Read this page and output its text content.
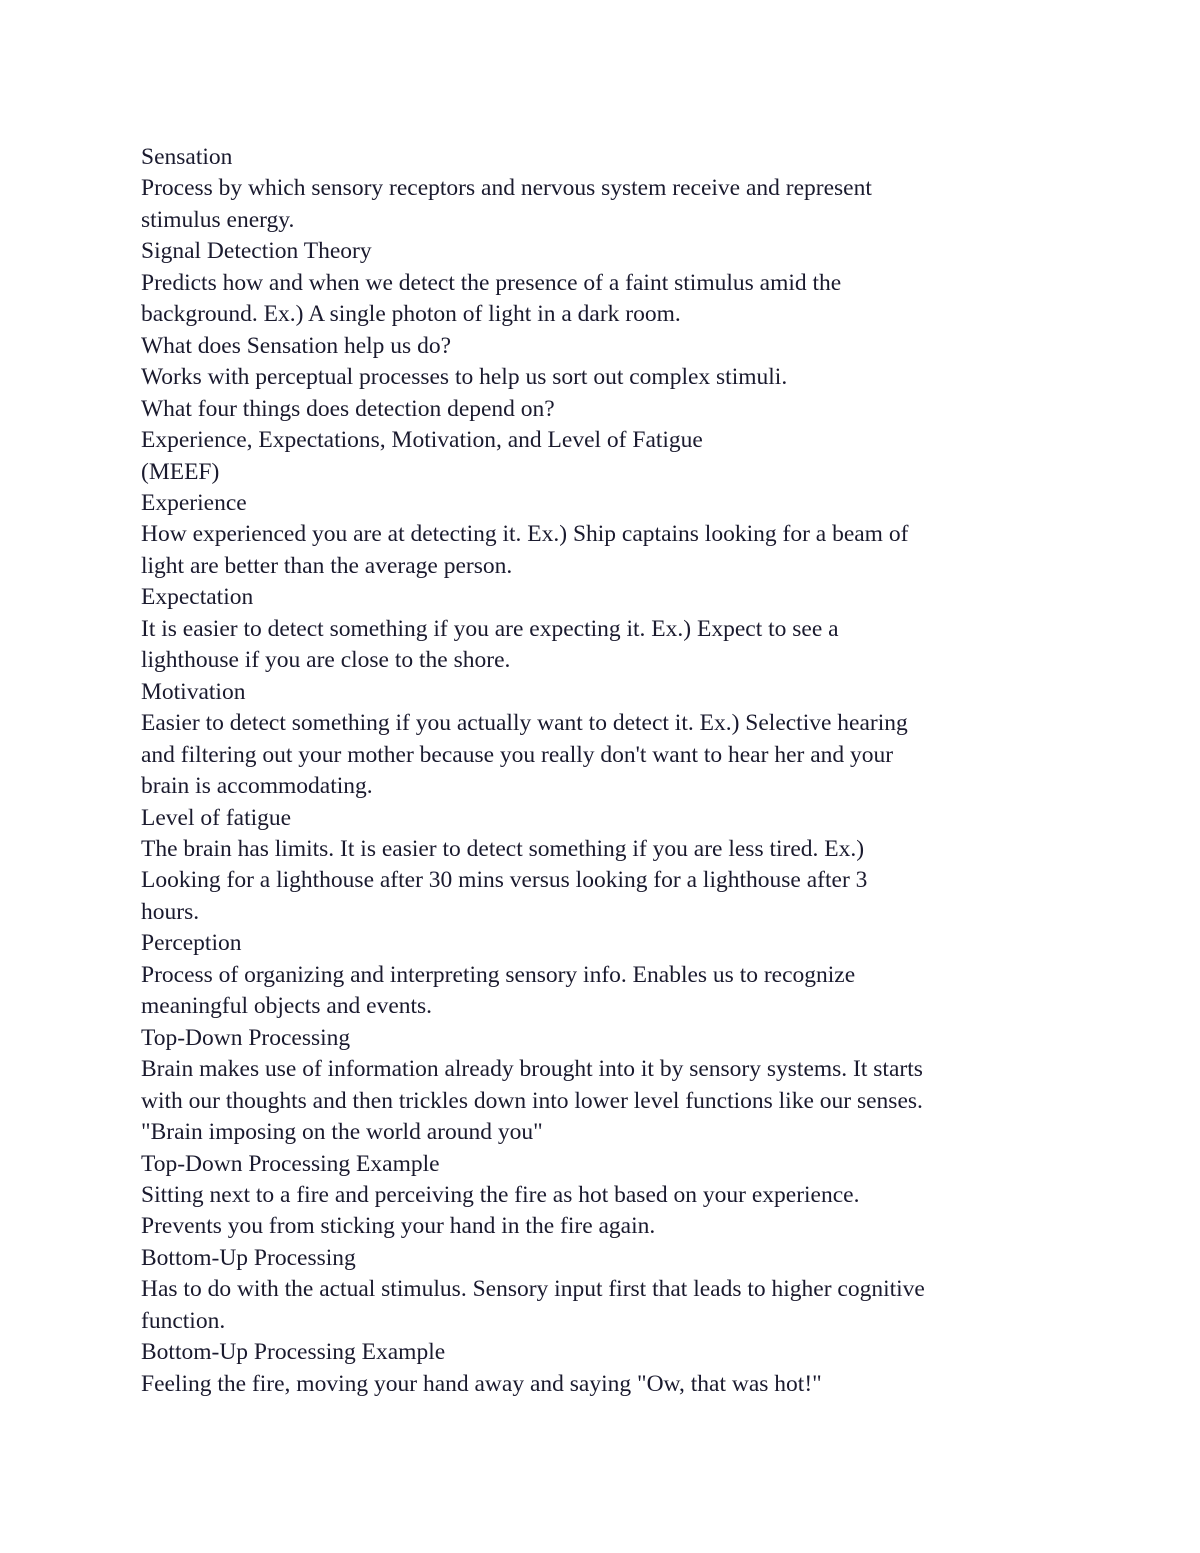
Sensation
Process by which sensory receptors and nervous system receive and represent
stimulus energy.
Signal Detection Theory
Predicts how and when we detect the presence of a faint stimulus amid the
background. Ex.) A single photon of light in a dark room.
What does Sensation help us do?
Works with perceptual processes to help us sort out complex stimuli.
What four things does detection depend on?
Experience, Expectations, Motivation, and Level of Fatigue
(MEEF)
Experience
How experienced you are at detecting it. Ex.) Ship captains looking for a beam of
light are better than the average person.
Expectation
It is easier to detect something if you are expecting it. Ex.) Expect to see a
lighthouse if you are close to the shore.
Motivation
Easier to detect something if you actually want to detect it. Ex.) Selective hearing
and filtering out your mother because you really don't want to hear her and your
brain is accommodating.
Level of fatigue
The brain has limits. It is easier to detect something if you are less tired. Ex.)
Looking for a lighthouse after 30 mins versus looking for a lighthouse after 3
hours.
Perception
Process of organizing and interpreting sensory info. Enables us to recognize
meaningful objects and events.
Top-Down Processing
Brain makes use of information already brought into it by sensory systems. It starts
with our thoughts and then trickles down into lower level functions like our senses.
"Brain imposing on the world around you"
Top-Down Processing Example
Sitting next to a fire and perceiving the fire as hot based on your experience.
Prevents you from sticking your hand in the fire again.
Bottom-Up Processing
Has to do with the actual stimulus. Sensory input first that leads to higher cognitive
function.
Bottom-Up Processing Example
Feeling the fire, moving your hand away and saying "Ow, that was hot!"
